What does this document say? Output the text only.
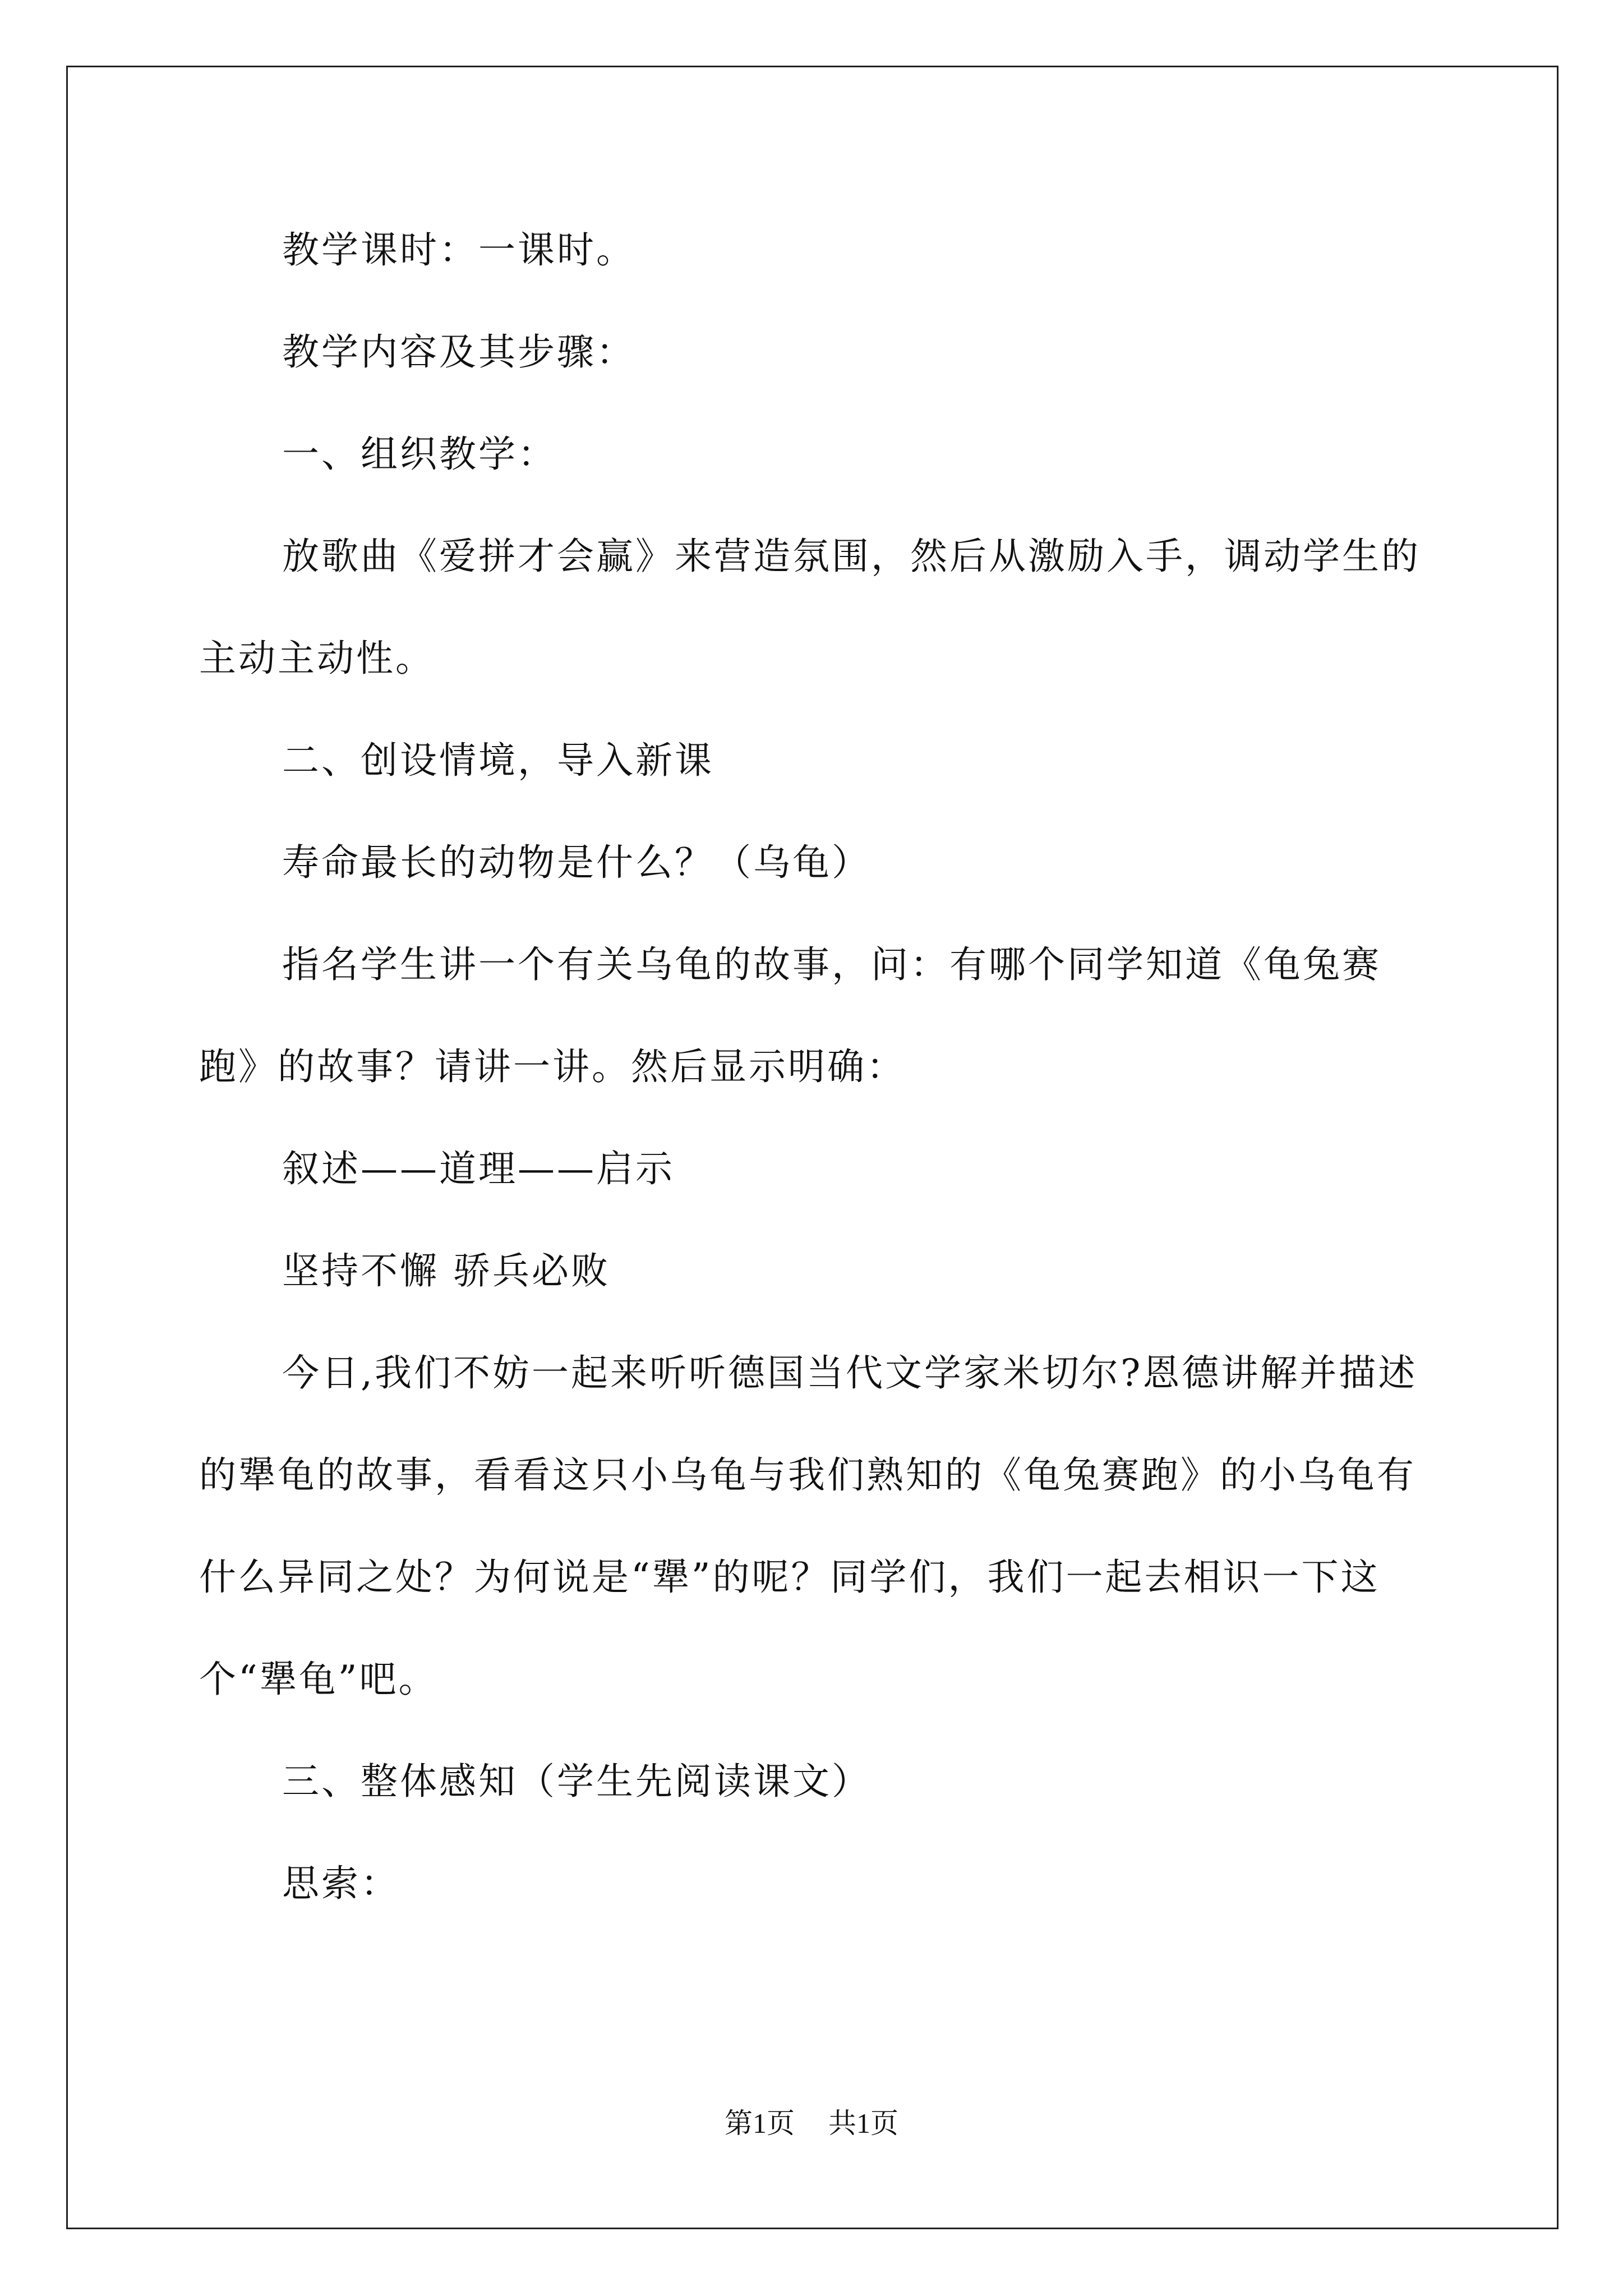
教学课时：一课时。

教学内容及其步骤：

一、组织教学：

放歌曲《爱拼才会赢》来营造氛围，然后从激励入手，调动学生的主动主动性。

二、创设情境，导入新课

寿命最长的动物是什么？（乌龟）

指名学生讲一个有关乌龟的故事，问：有哪个同学知道《龟兔赛跑》的故事？请讲一讲。然后显示明确：

叙述——道理——启示

坚持不懈 骄兵必败

今日,我们不妨一起来听听德国当代文学家米切尔?恩德讲解并描述的犟龟的故事，看看这只小乌龟与我们熟知的《龟兔赛跑》的小乌龟有什么异同之处？为何说是“犟”的呢？同学们，我们一起去相识一下这个“犟龟”吧。

三、整体感知（学生先阅读课文）

思索：

第1页 共1页
